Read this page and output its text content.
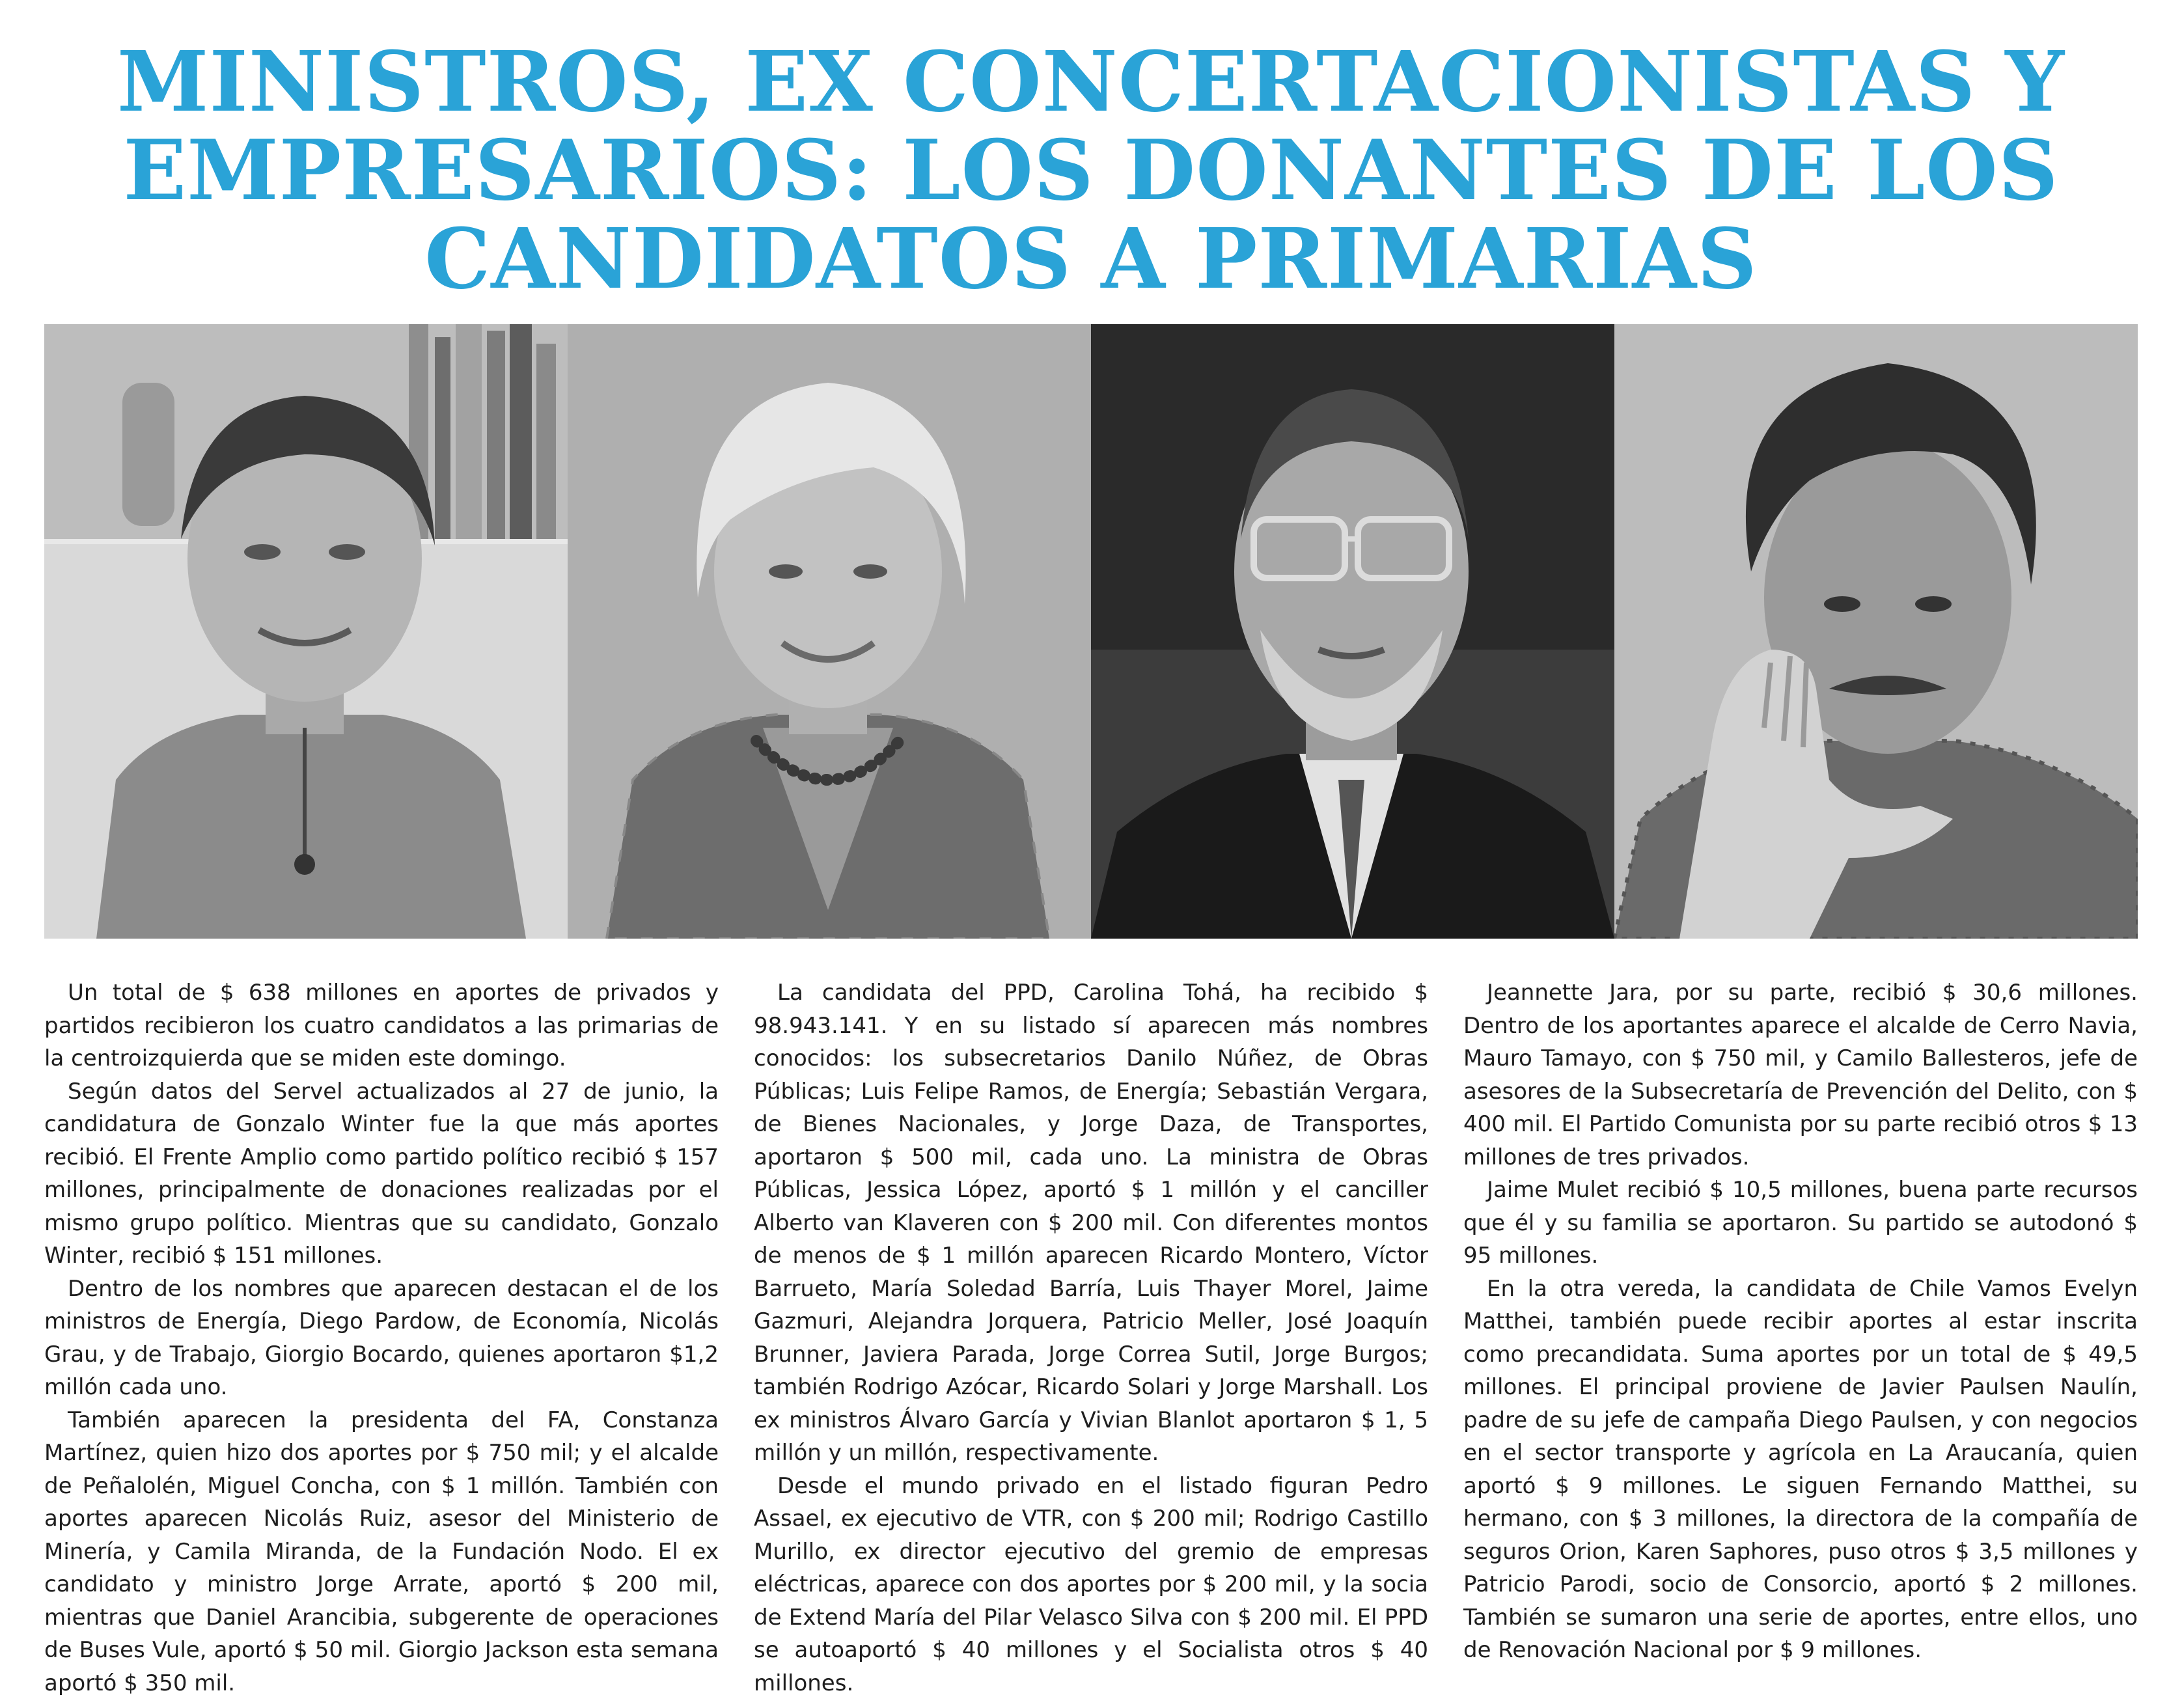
MINISTROS, EX CONCERTACIONISTAS Y EMPRESARIOS: LOS DONANTES DE LOS CANDIDATOS A PRIMARIAS

Un total de $ 638 millones en aportes de privados y partidos recibieron los cuatro candidatos a las primarias de la centroizquierda que se miden este domingo.

Según datos del Servel actualizados al 27 de junio, la candidatura de Gonzalo Winter fue la que más aportes recibió. El Frente Amplio como partido político recibió $ 157 millones, principalmente de donaciones realizadas por el mismo grupo político. Mientras que su candidato, Gonzalo Winter, recibió $ 151 millones.

Dentro de los nombres que aparecen destacan el de los ministros de Energía, Diego Pardow, de Economía, Nicolás Grau, y de Trabajo, Giorgio Bocardo, quienes aportaron $1,2 millón cada uno.

También aparecen la presidenta del FA, Constanza Martínez, quien hizo dos aportes por $ 750 mil; y el alcalde de Peñalolén, Miguel Concha, con $ 1 millón. También con aportes aparecen Nicolás Ruiz, asesor del Ministerio de Minería, y Camila Miranda, de la Fundación Nodo. El ex candidato y ministro Jorge Arrate, aportó $ 200 mil, mientras que Daniel Arancibia, subgerente de operaciones de Buses Vule, aportó $ 50 mil. Giorgio Jackson esta semana aportó $ 350 mil.

La candidata del PPD, Carolina Tohá, ha recibido $ 98.943.141. Y en su listado sí aparecen más nombres conocidos: los subsecretarios Danilo Núñez, de Obras Públicas; Luis Felipe Ramos, de Energía; Sebastián Vergara, de Bienes Nacionales, y Jorge Daza, de Transportes, aportaron $ 500 mil, cada uno. La ministra de Obras Públicas, Jessica López, aportó $ 1 millón y el canciller Alberto van Klaveren con $ 200 mil. Con diferentes montos de menos de $ 1 millón aparecen Ricardo Montero, Víctor Barrueto, María Soledad Barría, Luis Thayer Morel, Jaime Gazmuri, Alejandra Jorquera, Patricio Meller, José Joaquín Brunner, Javiera Parada, Jorge Correa Sutil, Jorge Burgos; también Rodrigo Azócar, Ricardo Solari y Jorge Marshall. Los ex ministros Álvaro García y Vivian Blanlot aportaron $ 1, 5 millón y un millón, respectivamente.

Desde el mundo privado en el listado figuran Pedro Assael, ex ejecutivo de VTR, con $ 200 mil; Rodrigo Castillo Murillo, ex director ejecutivo del gremio de empresas eléctricas, aparece con dos aportes por $ 200 mil, y la socia de Extend María del Pilar Velasco Silva con $ 200 mil. El PPD se autoaportó $ 40 millones y el Socialista otros $ 40 millones.

Jeannette Jara, por su parte, recibió $ 30,6 millones. Dentro de los aportantes aparece el alcalde de Cerro Navia, Mauro Tamayo, con $ 750 mil, y Camilo Ballesteros, jefe de asesores de la Subsecretaría de Prevención del Delito, con $ 400 mil. El Partido Comunista por su parte recibió otros $ 13 millones de tres privados.

Jaime Mulet recibió $ 10,5 millones, buena parte recursos que él y su familia se aportaron. Su partido se autodonó $ 95 millones.

En la otra vereda, la candidata de Chile Vamos Evelyn Matthei, también puede recibir aportes al estar inscrita como precandidata. Suma aportes por un total de $ 49,5 millones. El principal proviene de Javier Paulsen Naulín, padre de su jefe de campaña Diego Paulsen, y con negocios en el sector transporte y agrícola en La Araucanía, quien aportó $ 9 millones. Le siguen Fernando Matthei, su hermano, con $ 3 millones, la directora de la compañía de seguros Orion, Karen Saphores, puso otros $ 3,5 millones y Patricio Parodi, socio de Consorcio, aportó $ 2 millones. También se sumaron una serie de aportes, entre ellos, uno de Renovación Nacional por $ 9 millones.
